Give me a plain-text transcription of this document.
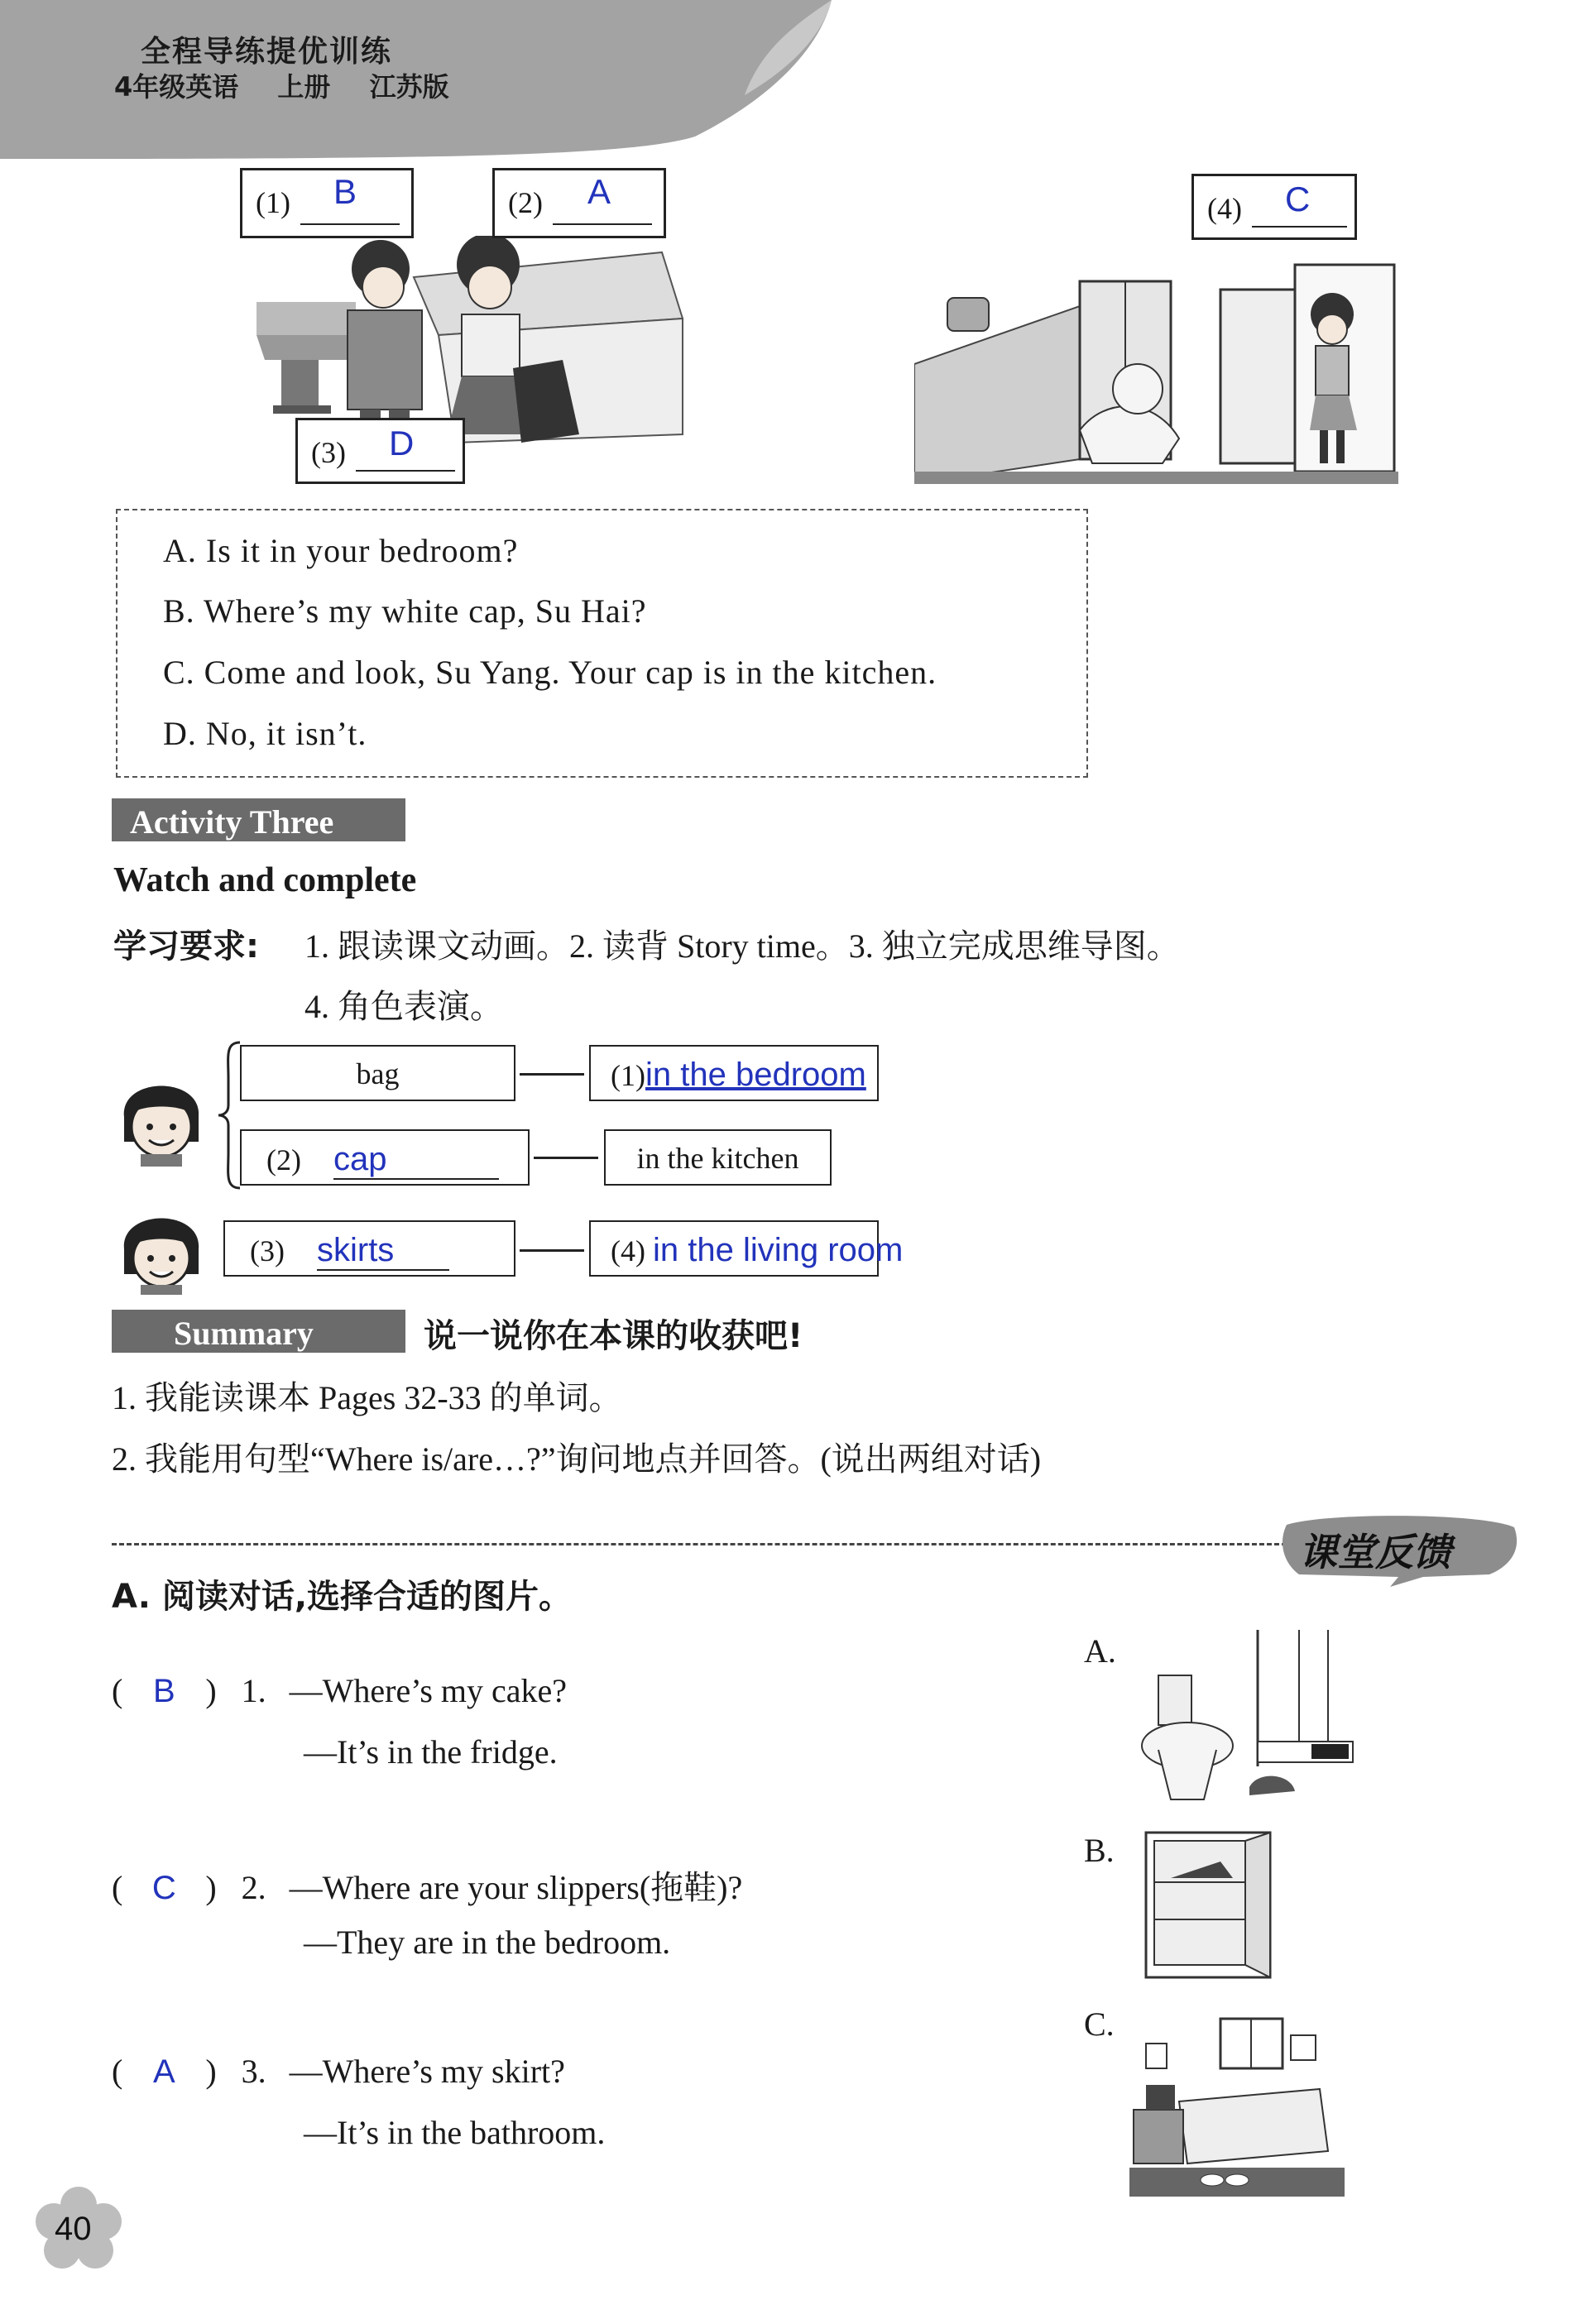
全程导练提优训练
4年级英语 上册 江苏版
(1) B	(2) A
(3) D
(4) C
A. Is it in your bedroom?
B. Where’s my white cap, Su Hai?
C. Come and look, Su Yang. Your cap is in the kitchen.
D. No, it isn’t.
Activity Three
Watch and complete
学习要求: 1. 跟读课文动画。2. 读背 Story time。3. 独立完成思维导图。
4. 角色表演。
bag	(1)in the bedroom
(2) cap	in the kitchen
(3) skirts	(4) in the living room
Summary	说一说你在本课的收获吧!
1. 我能读课本 Pages 32-33 的单词。
2. 我能用句型“Where is/are…?”询问地点并回答。(说出两组对话)
课堂反馈
A. 阅读对话,选择合适的图片。
( B ) 1. —Where’s my cake?
—It’s in the fridge.
( C ) 2. —Where are your slippers(拖鞋)?
—They are in the bedroom.
( A ) 3. —Where’s my skirt?
—It’s in the bathroom.
A.
B.
C.
40
